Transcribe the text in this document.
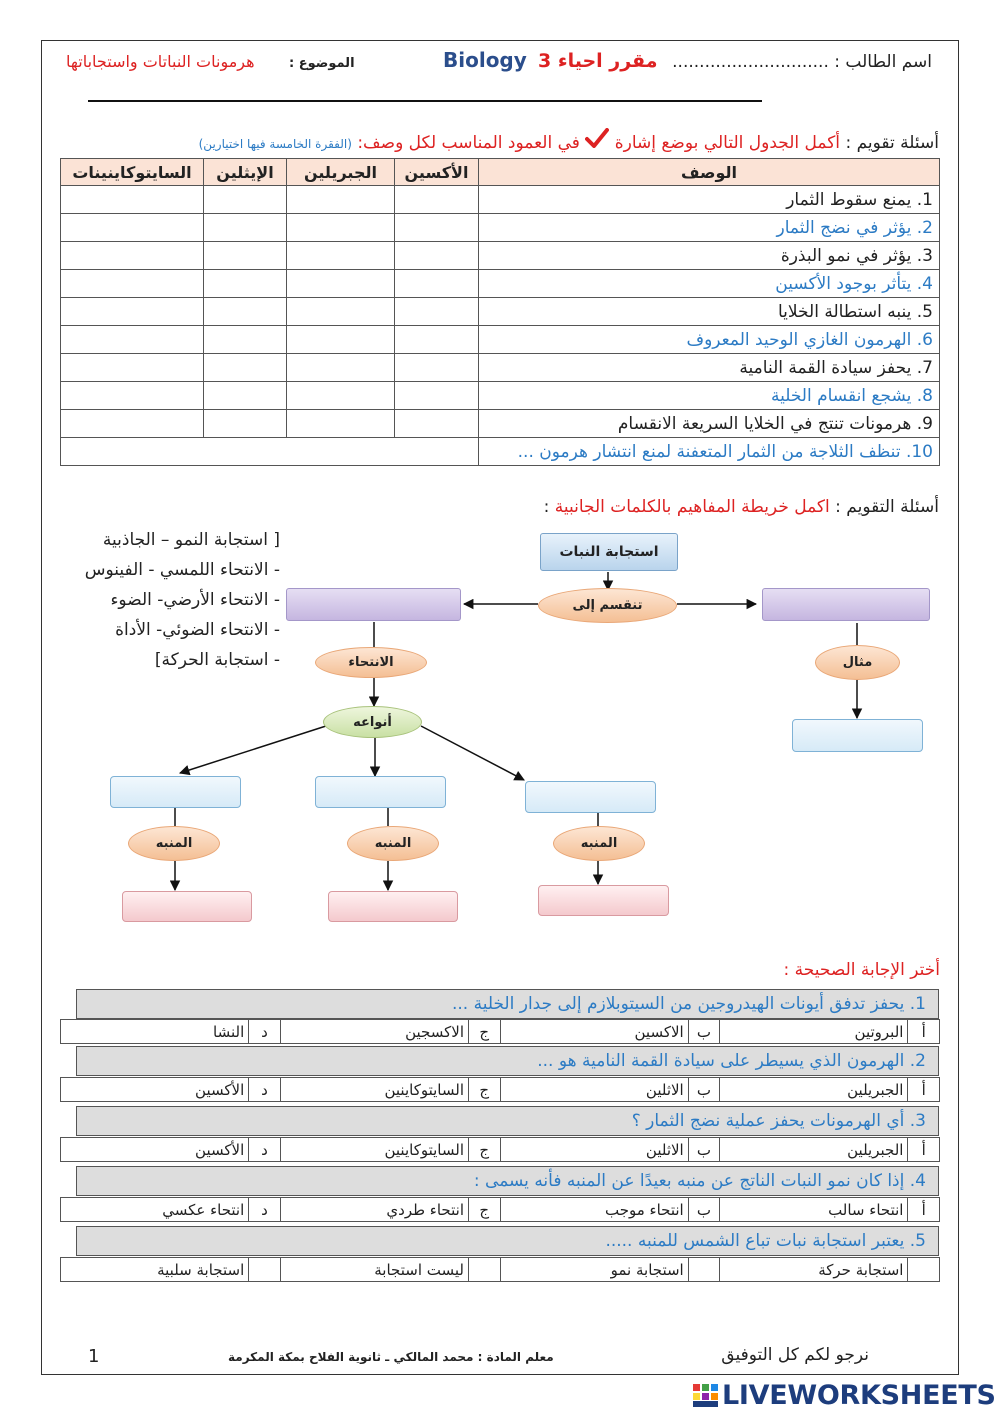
اسم الطالب : .............................
مقرر احياء 3
Biology
الموضوع :
هرمونات النباتات واستجاباتها
أسئلة تقويم : أكمل الجدول التالي بوضع إشارة  في العمود المناسب لكل وصف: (الفقرة الخامسة فيها اختيارين)
الوصف	الأكسين	الجبريلين	الإيثلين	السايتوكاينينات
1. يمنع سقوط الثمار				
2. يؤثر في نضج الثمار				
3. يؤثر في نمو البذرة				
4. يتأثر بوجود الأكسين				
5. ينبه استطالة الخلايا				
6. الهرمون الغازي الوحيد المعروف				
7. يحفز سيادة القمة النامية				
8. يشجع انقسام الخلية				
9. هرمونات تنتج في الخلايا السريعة الانقسام				
10. تنظف الثلاجة من الثمار المتعفنة لمنع انتشار هرمون ...				
أسئلة التقويم : اكمل خريطة المفاهيم بالكلمات الجانبية :
[ استجابة النمو – الجاذبية
- الانتحاء اللمسي - الفينوس
- الانتحاء الأرضي- الضوء
- الانتحاء الضوئي- الأداة
- استجابة الحركة]
استجابة النبات
تنقسم إلى
مثال
الانتحاء
أنواعه
المنبه	المنبه	المنبه
أختر الإجابة الصحيحة :
1. يحفز تدفق أيونات الهيدروجين من السيتوبلازم إلى جدار الخلية ...
أ	البروتين	ب	الاكسين	ج	الاكسجين	د	النشا
2. الهرمون الذي يسيطر على سيادة القمة النامية هو ...
أ	الجبريلين	ب	الاثلين	ج	السايتوكاينين	د	الأكسين
3. أي الهرمونات يحفز عملية نضج الثمار ؟
أ	الجبريلين	ب	الاثلين	ج	السايتوكاينين	د	الأكسين
4. إذا كان نمو النبات الناتج عن منبه بعيدًا عن المنبه فأنه يسمى :
أ	انتحاء سالب	ب	انتحاء موجب	ج	انتحاء طردي	د	انتحاء عكسي
5. يعتبر استجابة نبات تباع الشمس للمنبه .....
	استجابة حركة		استجابة نمو		ليست استجابة		استجابة سلبية
نرجو لكم كل التوفيق
معلم المادة : محمد المالكي ـ ثانوية الفلاح بمكة المكرمة
1
LIVEWORKSHEETS
